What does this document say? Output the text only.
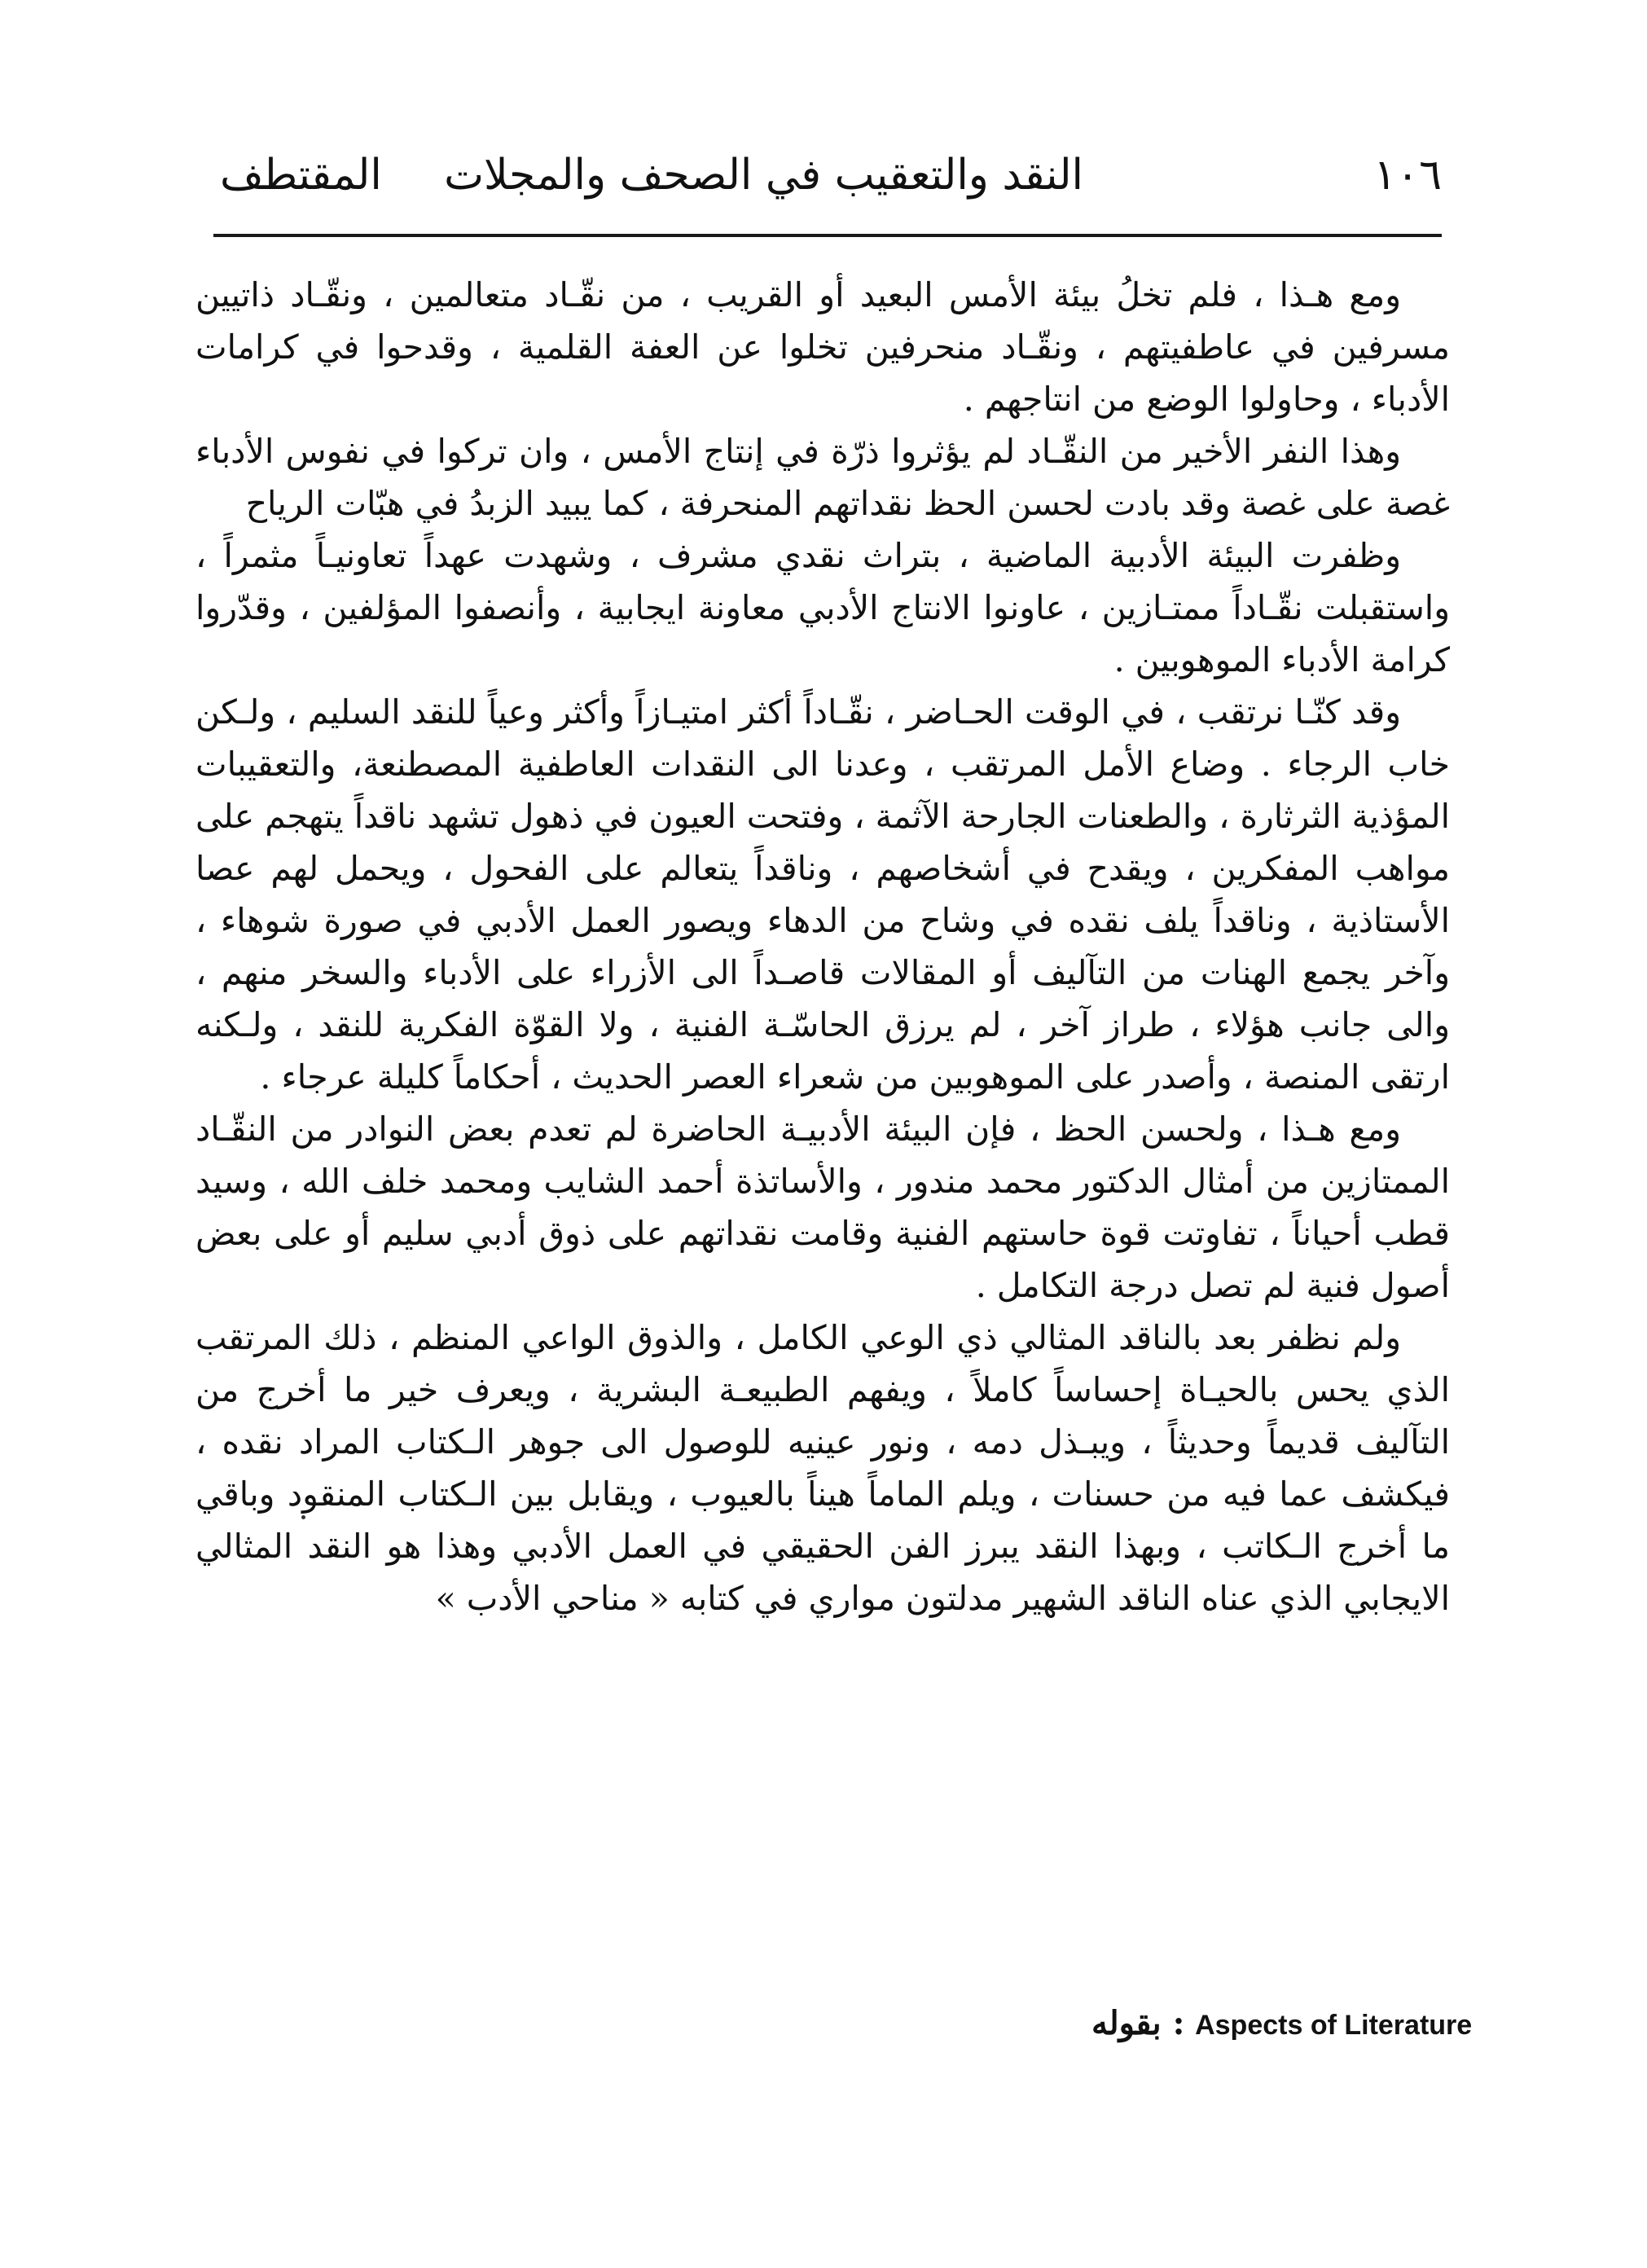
١٠٦
النقد والتعقيب في الصحف والمجلات
المقتطف

ومع هـذا ، فلم تخلُ بيئة الأمس البعيد أو القريب ، من نقّـاد متعالمين ، ونقّـاد ذاتيين مسرفين في عاطفيتهم ، ونقّـاد منحرفين تخلوا عن العفة القلمية ، وقدحوا في كرامات الأدباء ، وحاولوا الوضع من انتاجهم .

وهذا النفر الأخير من النقّـاد لم يؤثروا ذرّة في إنتاج الأمس ، وان تركوا في نفوس الأدباء غصة على غصة وقد بادت لحسن الحظ نقداتهم المنحرفة ، كما يبيد الزبدُ في هبّات الرياح

وظفرت البيئة الأدبية الماضية ، بتراث نقدي مشرف ، وشهدت عهداً تعاونيـاً مثمراً ، واستقبلت نقّـاداً ممتـازين ، عاونوا الانتاج الأدبي معاونة ايجابية ، وأنصفوا المؤلفين ، وقدّروا كرامة الأدباء الموهوبين .

وقد كنّـا نرتقب ، في الوقت الحـاضر ، نقّـاداً أكثر امتيـازاً وأكثر وعياً للنقد السليم ، ولـكن خاب الرجاء . وضاع الأمل المرتقب ، وعدنا الى النقدات العاطفية المصطنعة، والتعقيبات المؤذية الثرثارة ، والطعنات الجارحة الآثمة ، وفتحت العيون في ذهول تشهد ناقداً يتهجم على مواهب المفكرين ، ويقدح في أشخاصهم ، وناقداً يتعالم على الفحول ، ويحمل لهم عصا الأستاذية ، وناقداً يلف نقده في وشاح من الدهاء ويصور العمل الأدبي في صورة شوهاء ، وآخر يجمع الهنات من التآليف أو المقالات قاصـداً الى الأزراء على الأدباء والسخر منهم ، والى جانب هؤلاء ، طراز آخر ، لم يرزق الحاسّـة الفنية ، ولا القوّة الفكرية للنقد ، ولـكنه ارتقى المنصة ، وأصدر على الموهوبين من شعراء العصر الحديث ، أحكاماً كليلة عرجاء .

ومع هـذا ، ولحسن الحظ ، فإن البيئة الأدبيـة الحاضرة لم تعدم بعض النوادر من النقّـاد الممتازين من أمثال الدكتور محمد مندور ، والأساتذة أحمد الشايب ومحمد خلف الله ، وسيد قطب أحياناً ، تفاوتت قوة حاستهم الفنية وقامت نقداتهم على ذوق أدبي سليم أو على بعض أصول فنية لم تصل درجة التكامل .

ولم نظفر بعد بالناقد المثالي ذي الوعي الكامل ، والذوق الواعي المنظم ، ذلك المرتقب الذي يحس بالحيـاة إحساساً كاملاً ، ويفهم الطبيعـة البشرية ، ويعرف خير ما أخرج من التآليف قديماً وحديثاً ، ويبـذل دمه ، ونور عينيه للوصول الى جوهر الـكتاب المراد نقده ، فيكشف عما فيه من حسنات ، ويلم الماماً هيناً بالعيوب ، ويقابل بين الـكتاب المنقود وباقي ما أخرج الـكاتب ، وبهذا النقد يبرز الفن الحقيقي في العمل الأدبي وهذا هو النقد المثالي الايجابي الذي عناه الناقد الشهير مدلتون مواري في كتابه « مناحي الأدب »

بقوله : Aspects of Literature
